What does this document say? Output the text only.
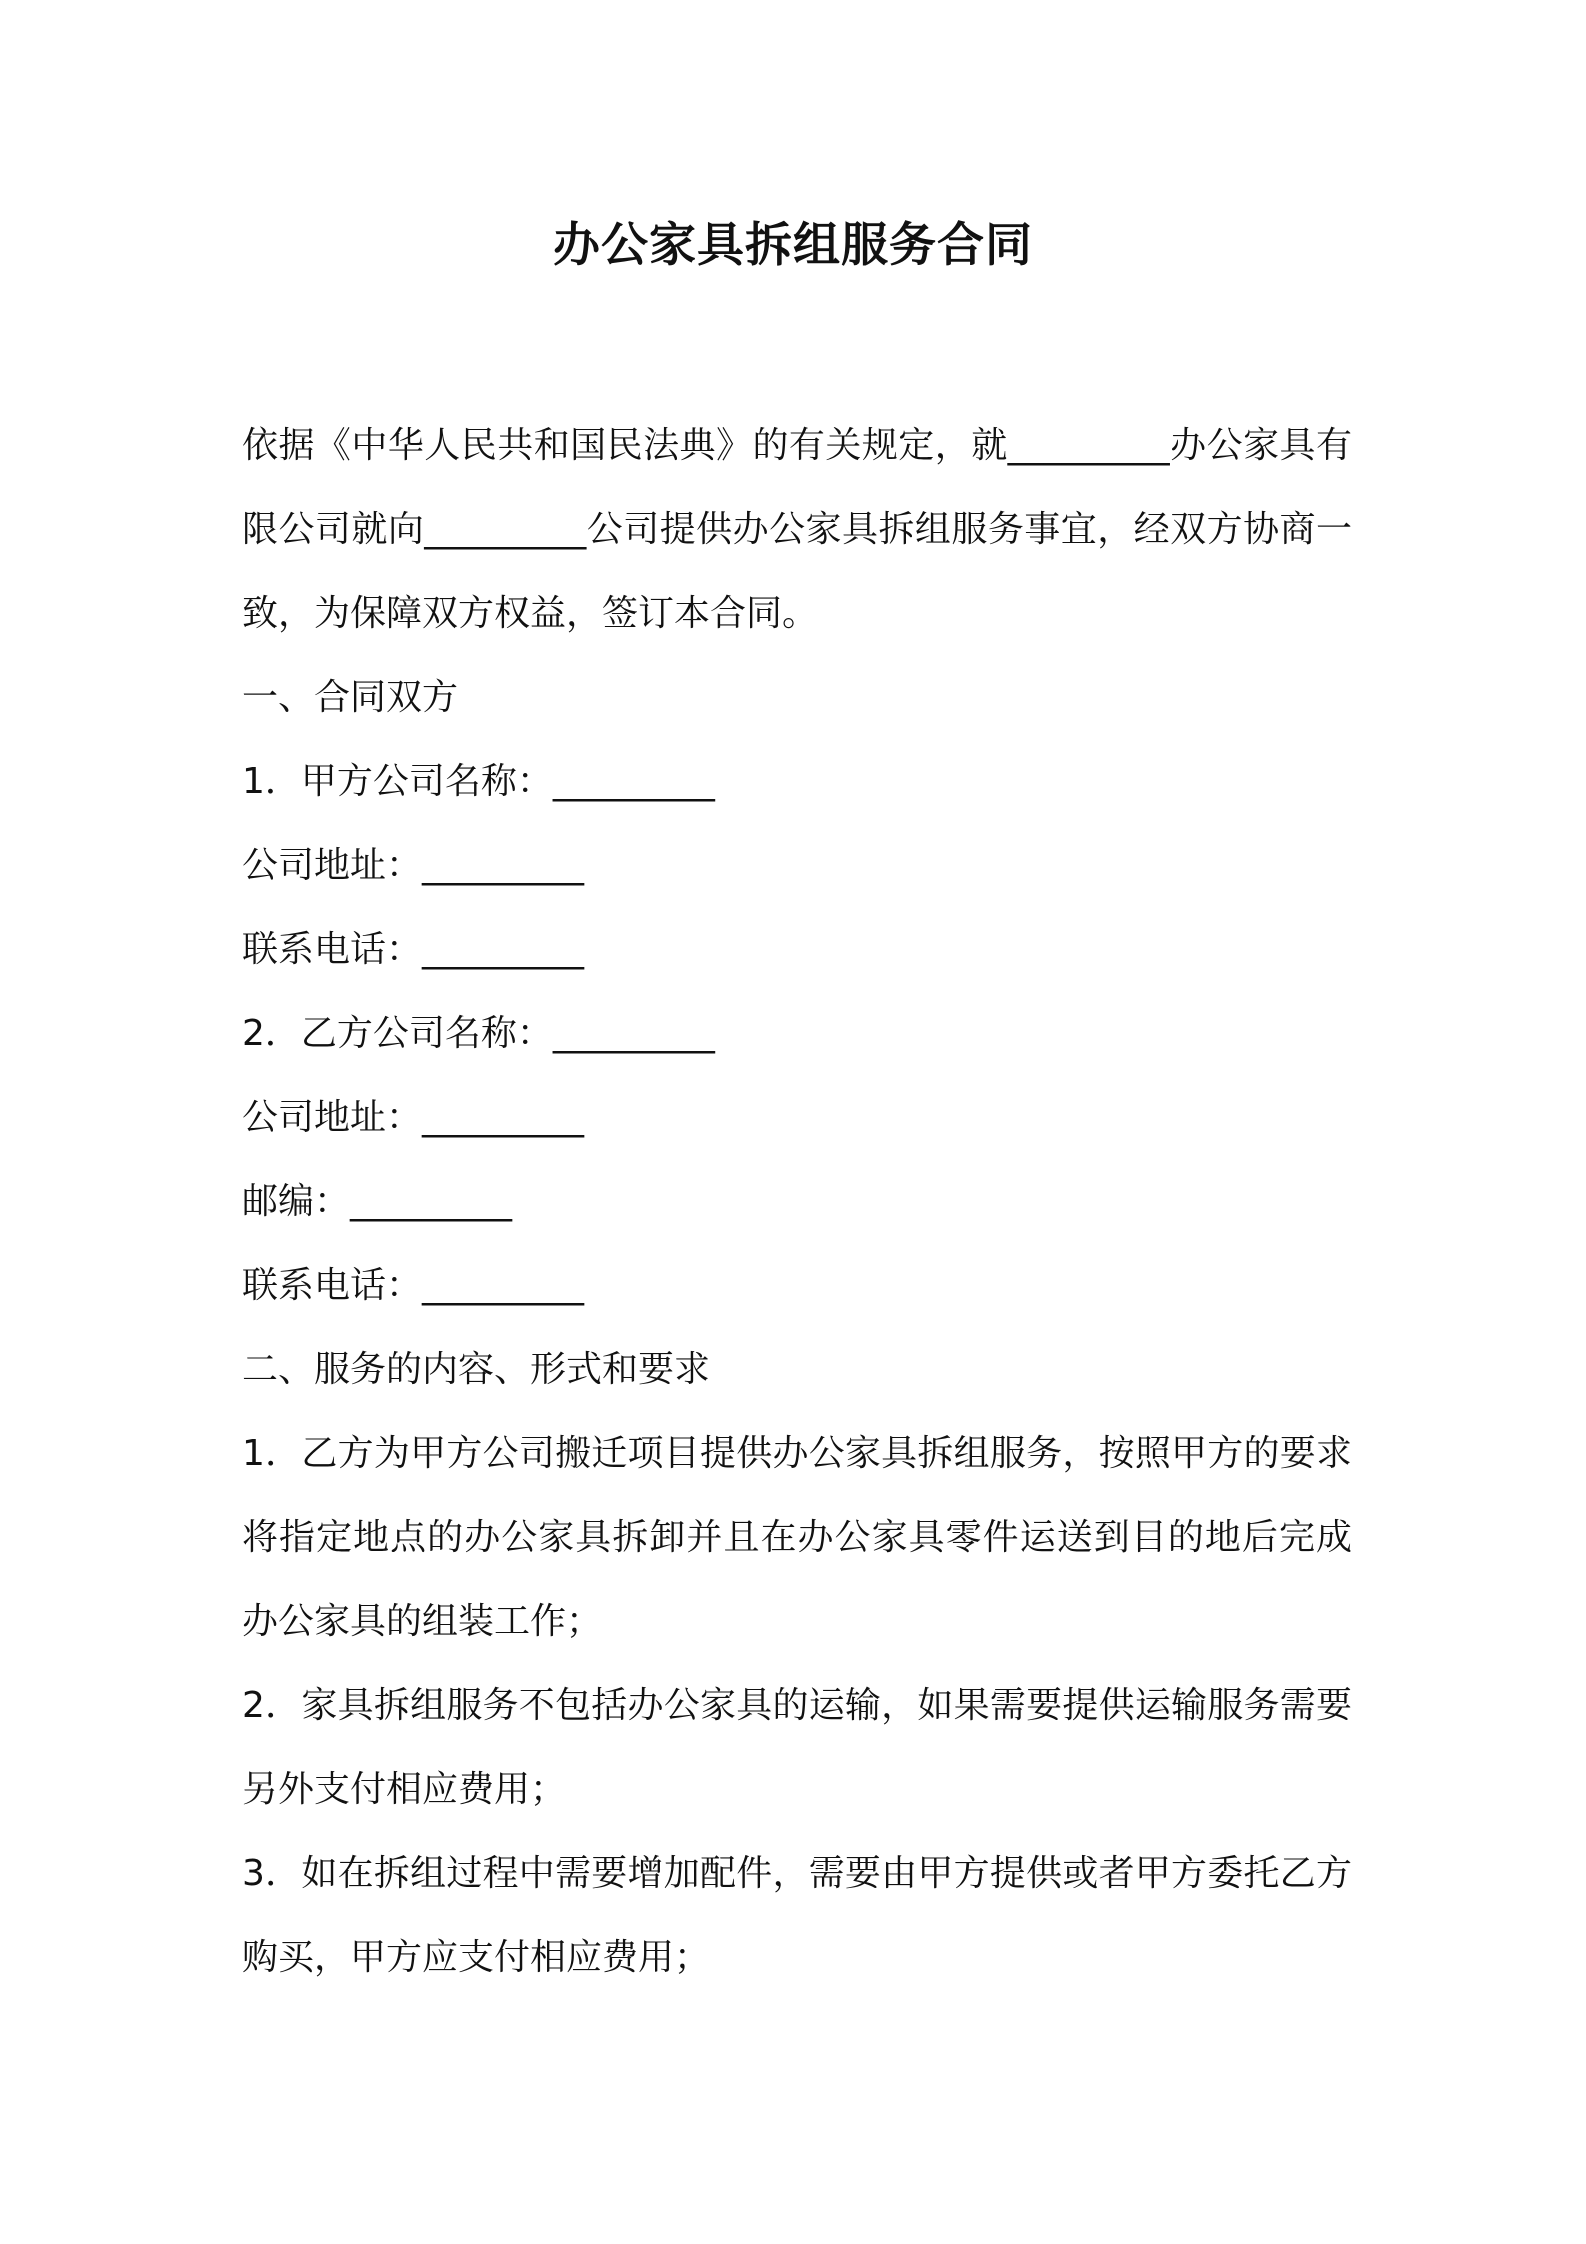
办公家具拆组服务合同

依据《中华人民共和国民法典》的有关规定，就_________办公家具有限公司就向_________公司提供办公家具拆组服务事宜，经双方协商一致，为保障双方权益，签订本合同。

一、合同双方

1．甲方公司名称：_________

公司地址：_________

联系电话：_________

2．乙方公司名称：_________

公司地址：_________

邮编：_________

联系电话：_________

二、服务的内容、形式和要求

1．乙方为甲方公司搬迁项目提供办公家具拆组服务，按照甲方的要求将指定地点的办公家具拆卸并且在办公家具零件运送到目的地后完成办公家具的组装工作；

2．家具拆组服务不包括办公家具的运输，如果需要提供运输服务需要另外支付相应费用；

3．如在拆组过程中需要增加配件，需要由甲方提供或者甲方委托乙方购买，甲方应支付相应费用；
